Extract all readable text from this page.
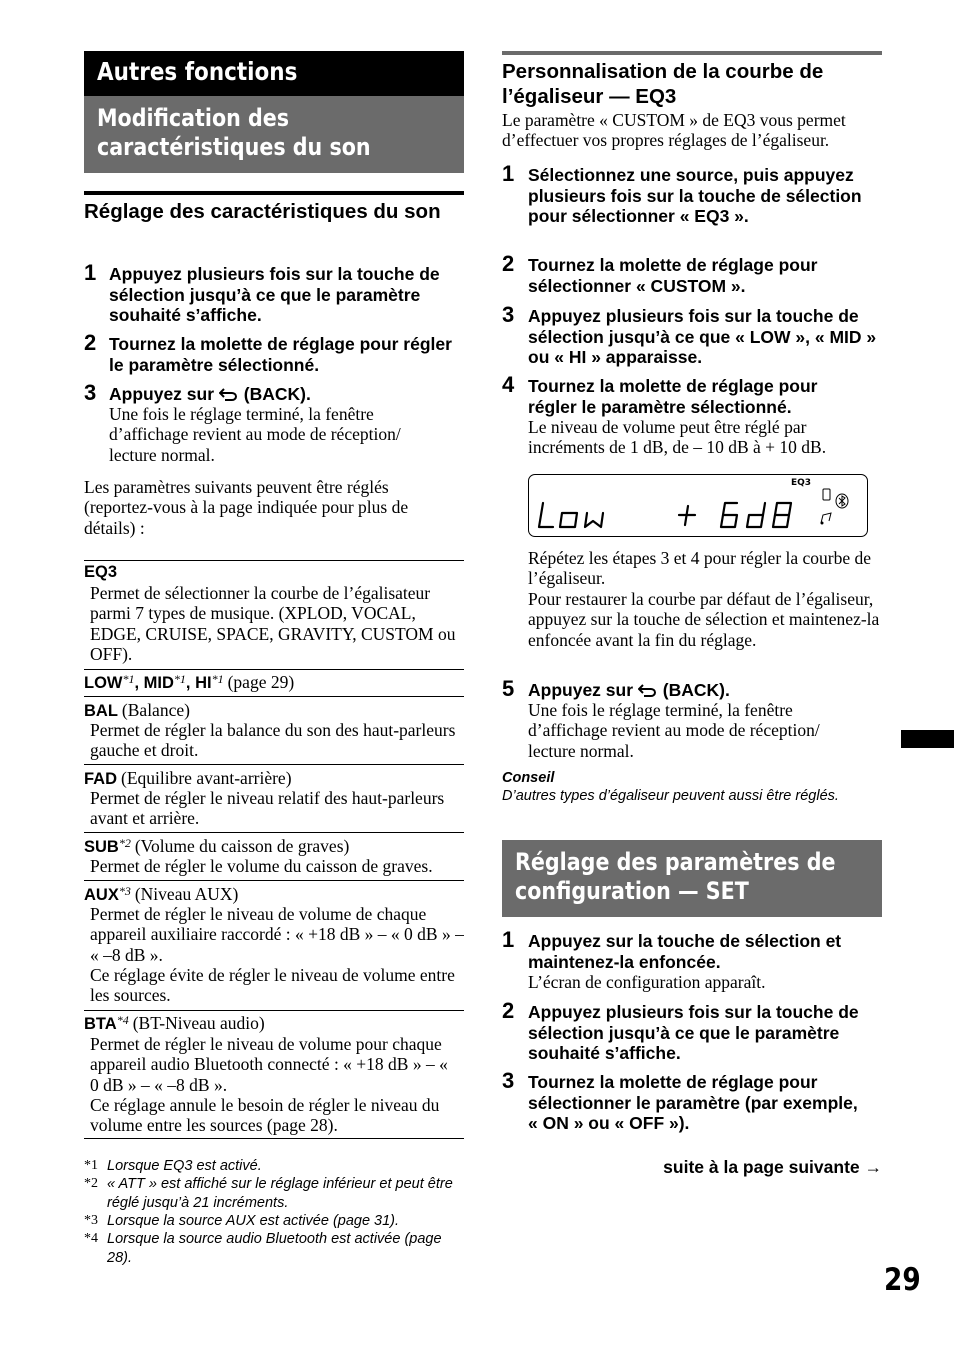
Autres fonctions
Modification des
caractéristiques du son
Réglage des caractéristiques du son
1 Appuyez plusieurs fois sur la touche de sélection jusqu’à ce que le paramètre souhaité s’affiche.
2 Tournez la molette de réglage pour régler le paramètre sélectionné.
3 Appuyez sur (BACK).
Une fois le réglage terminé, la fenêtre d’affichage revient au mode de réception/ lecture normal.
Les paramètres suivants peuvent être réglés (reportez-vous à la page indiquée pour plus de détails) :
EQ3
Permet de sélectionner la courbe de l’égalisateur parmi 7 types de musique. (XPLOD, VOCAL, EDGE, CRUISE, SPACE, GRAVITY, CUSTOM ou OFF).
LOW$^{*1}$, MID$^{*1}$, HI$^{*1}$ (page 29)
BAL (Balance)
Permet de régler la balance du son des haut-parleurs gauche et droit.
FAD (Equilibre avant-arrière)
Permet de régler le niveau relatif des haut-parleurs avant et arrière.
SUB$^{*2}$ (Volume du caisson de graves)
Permet de régler le volume du caisson de graves.
AUX$^{*3}$ (Niveau AUX)
Permet de régler le niveau de volume de chaque appareil auxiliaire raccordé : « +18 dB » – « 0 dB » – « –8 dB ».
Ce réglage évite de régler le niveau de volume entre les sources.
BTA$^{*4}$ (BT-Niveau audio)
Permet de régler le niveau de volume pour chaque appareil audio Bluetooth connecté : « +18 dB » – « 0 dB » – « –8 dB ».
Ce réglage annule le besoin de régler le niveau du volume entre les sources (page 28).
*1 Lorsque EQ3 est activé.
*2 « ATT » est affiché sur le réglage inférieur et peut être réglé jusqu’à 21 incréments.
*3 Lorsque la source AUX est activée (page 31).
*4 Lorsque la source audio Bluetooth est activée (page 28).
Personnalisation de la courbe de l’égaliseur — EQ3
Le paramètre « CUSTOM » de EQ3 vous permet d’effectuer vos propres réglages de l’égaliseur.
1 Sélectionnez une source, puis appuyez plusieurs fois sur la touche de sélection pour sélectionner « EQ3 ».
2 Tournez la molette de réglage pour sélectionner « CUSTOM ».
3 Appuyez plusieurs fois sur la touche de sélection jusqu’à ce que « LOW », « MID » ou « HI » apparaisse.
4 Tournez la molette de réglage pour régler le paramètre sélectionné.
Le niveau de volume peut être réglé par incréments de 1 dB, de – 10 dB à + 10 dB.
EQ3
Répétez les étapes 3 et 4 pour régler la courbe de l’égaliseur.
Pour restaurer la courbe par défaut de l’égaliseur, appuyez sur la touche de sélection et maintenez-la enfoncée avant la fin du réglage.
5 Appuyez sur (BACK).
Une fois le réglage terminé, la fenêtre d’affichage revient au mode de réception/ lecture normal.
Conseil
D’autres types d’égaliseur peuvent aussi être réglés.
Réglage des paramètres de
configuration — SET
1 Appuyez sur la touche de sélection et maintenez-la enfoncée.
L’écran de configuration apparaît.
2 Appuyez plusieurs fois sur la touche de sélection jusqu’à ce que le paramètre souhaité s’affiche.
3 Tournez la molette de réglage pour sélectionner le paramètre (par exemple, « ON » ou « OFF »).
suite à la page suivante →
29
